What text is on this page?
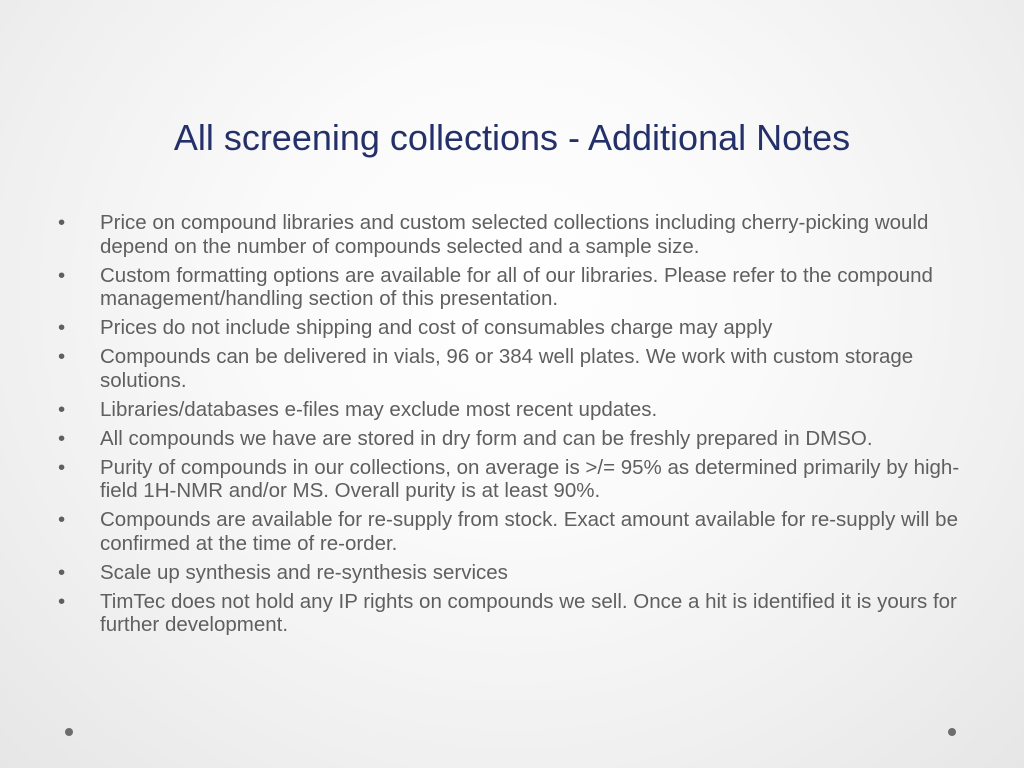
All screening collections - Additional Notes
•	Price on compound libraries and custom selected collections including cherry-picking would depend on the number of compounds selected and a sample size.
•	Custom formatting options are available for all of our libraries. Please refer to the compound management/handling section of this presentation.
•	Prices do not include shipping and cost of consumables charge may apply
•	Compounds can be delivered in vials, 96 or 384 well plates. We work with custom storage solutions.
•	Libraries/databases e-files may exclude most recent updates.
•	All compounds we have are stored in dry form and can be freshly prepared in DMSO.
•	Purity of compounds in our collections, on average is >/= 95% as determined primarily by high-field 1H-NMR and/or MS. Overall purity is at least 90%.
•	Compounds are available for re-supply from stock. Exact amount available for re-supply will be confirmed at the time of re-order.
•	Scale up synthesis and re-synthesis services
•	TimTec does not hold any IP rights on compounds we sell. Once a hit is identified it is yours for further development.
